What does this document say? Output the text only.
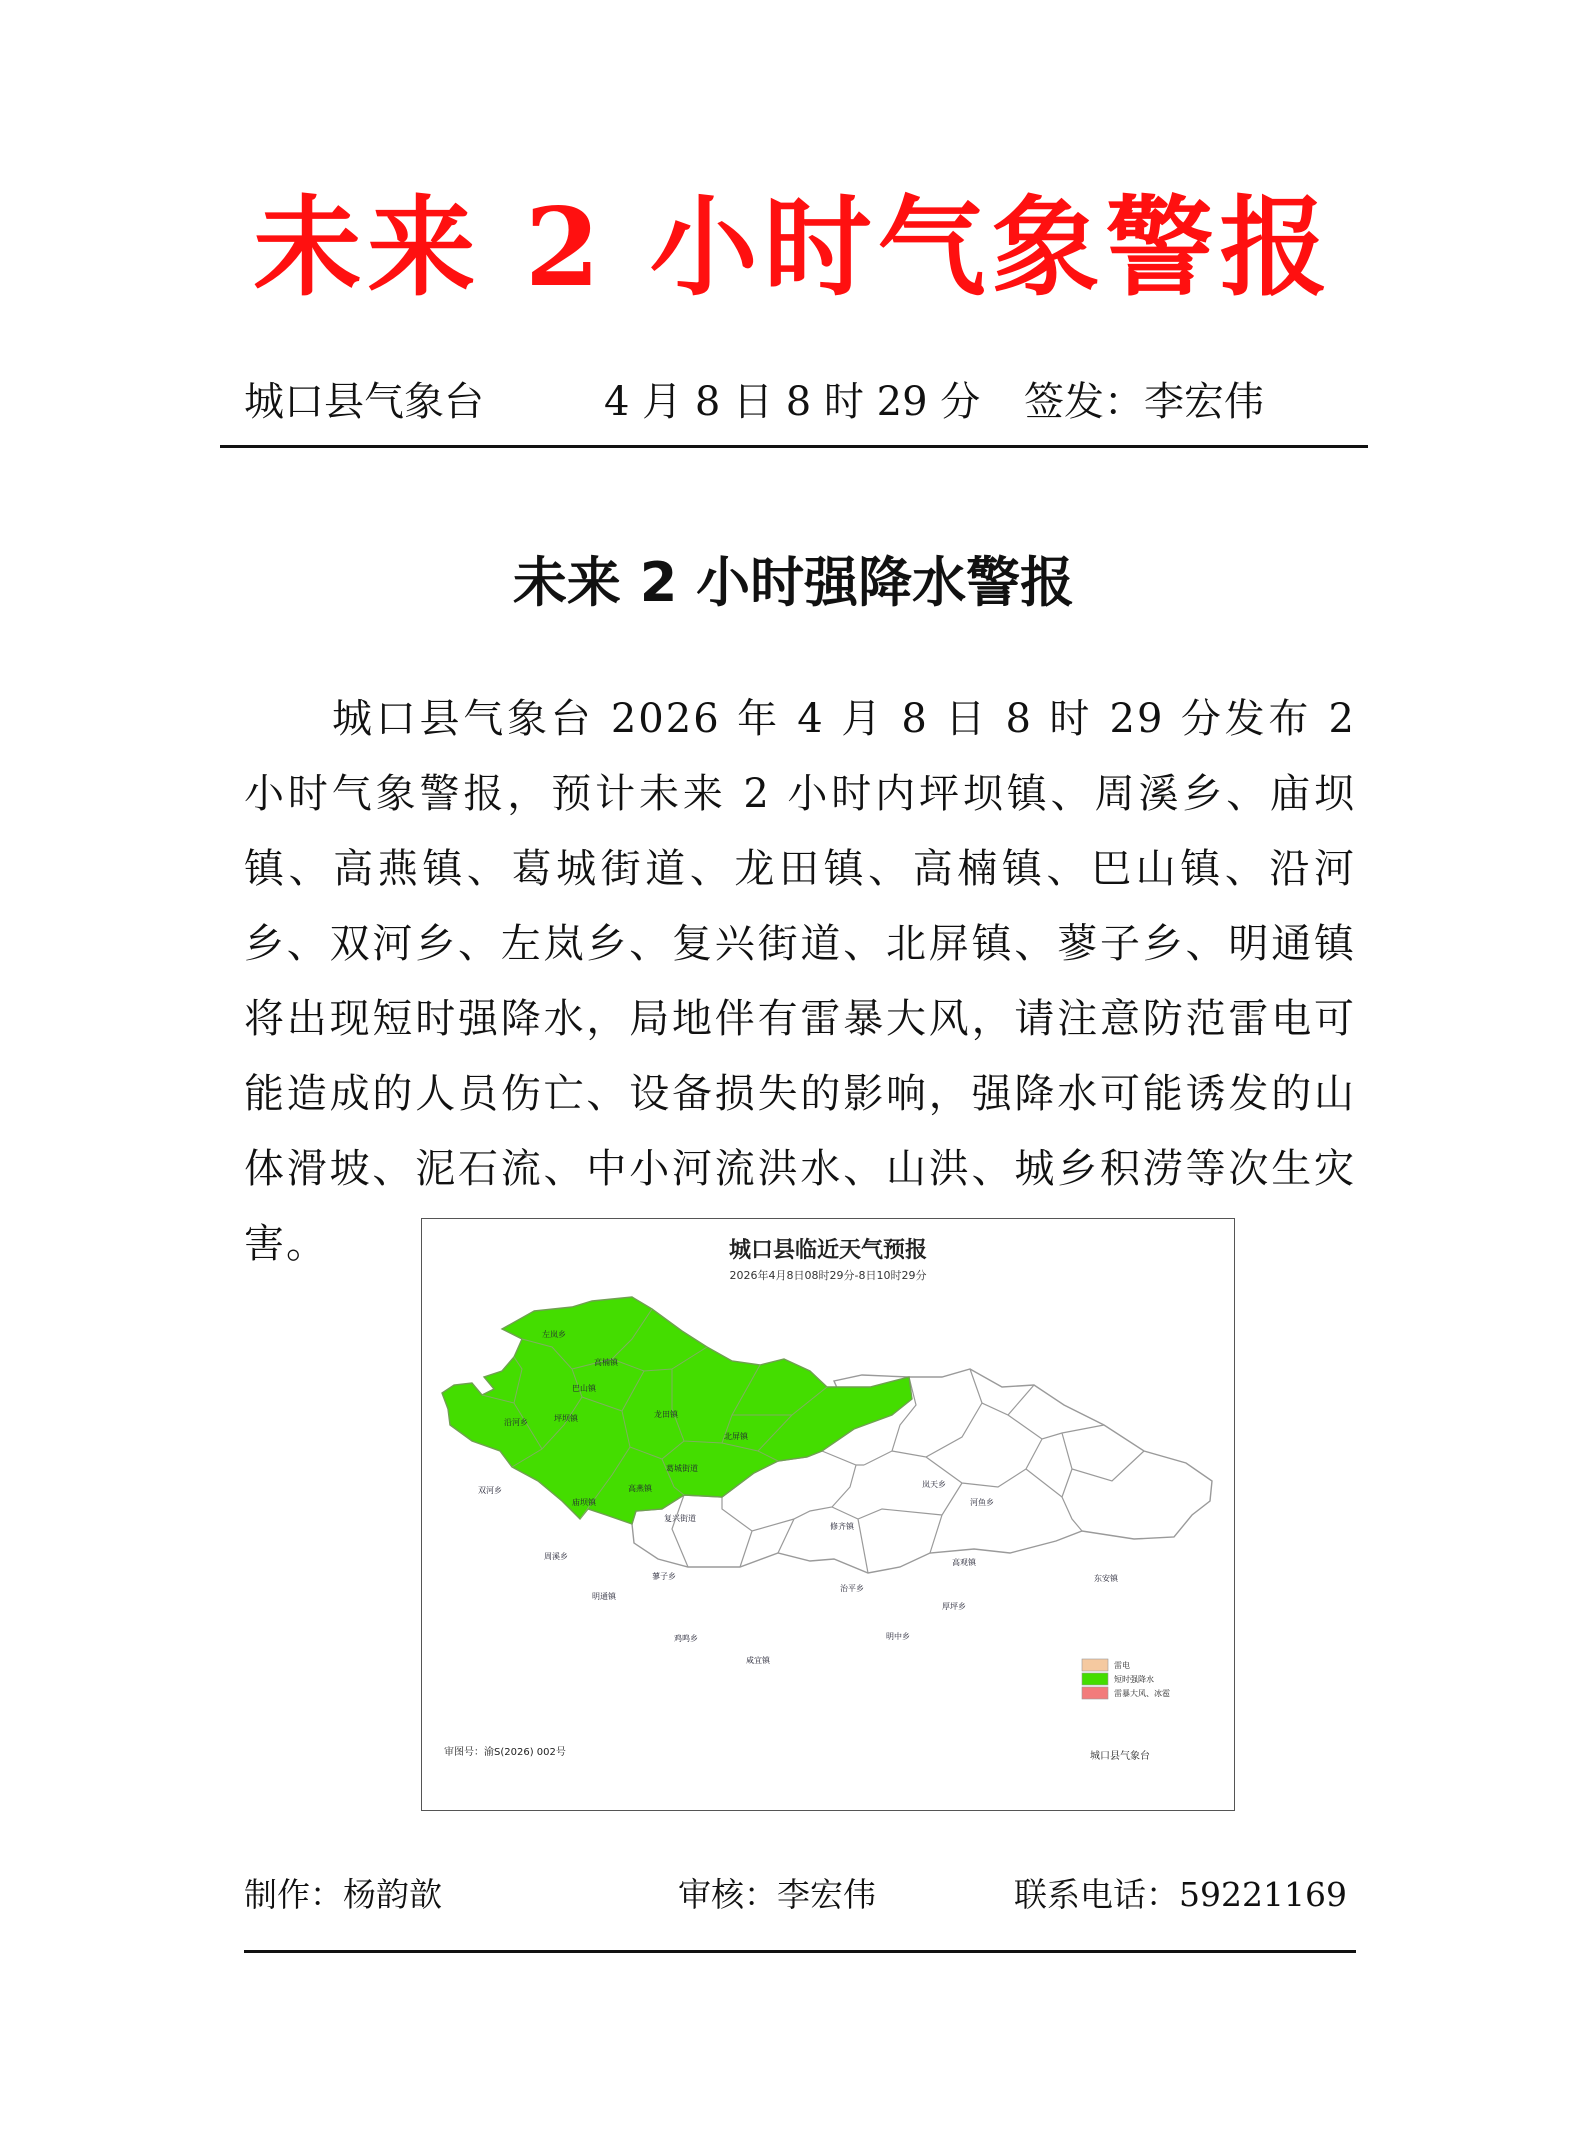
未来 2 小时气象警报

城口县气象台

	4 月 8 日 8 时 29 分

签发：李宏伟

未来 2 小时强降水警报

城口县气象台 2026 年 4 月 8 日 8 时 29 分发布 2 小时气象警报，预计未来 2 小时内坪坝镇、周溪乡、庙坝镇、高燕镇、葛城街道、龙田镇、高楠镇、巴山镇、沿河乡、双河乡、左岚乡、复兴街道、北屏镇、蓼子乡、明通镇将出现短时强降水，局地伴有雷暴大风，请注意防范雷电可能造成的人员伤亡、设备损失的影响，强降水可能诱发的山体滑坡、泥石流、中小河流洪水、山洪、城乡积涝等次生灾害。	城口县临近天气预报
2026年4月8日08时29分-8日10时29分
左岚乡
高楠镇
巴山镇
沿河乡	坪坝镇	龙田镇
北屏镇
葛城街道
双河乡	高燕镇
庙坝镇
复兴街道
周溪乡
蓼子乡
明通镇
岚天乡
河鱼乡
修齐镇
高观镇
东安镇
治平乡
厚坪乡
明中乡
鸡鸣乡
咸宜镇
雷电
短时强降水
雷暴大风、冰雹
审图号：渝S(2026) 002号	城口县气象台
制作：杨韵歆	审核：李宏伟	联系电话：59221169
